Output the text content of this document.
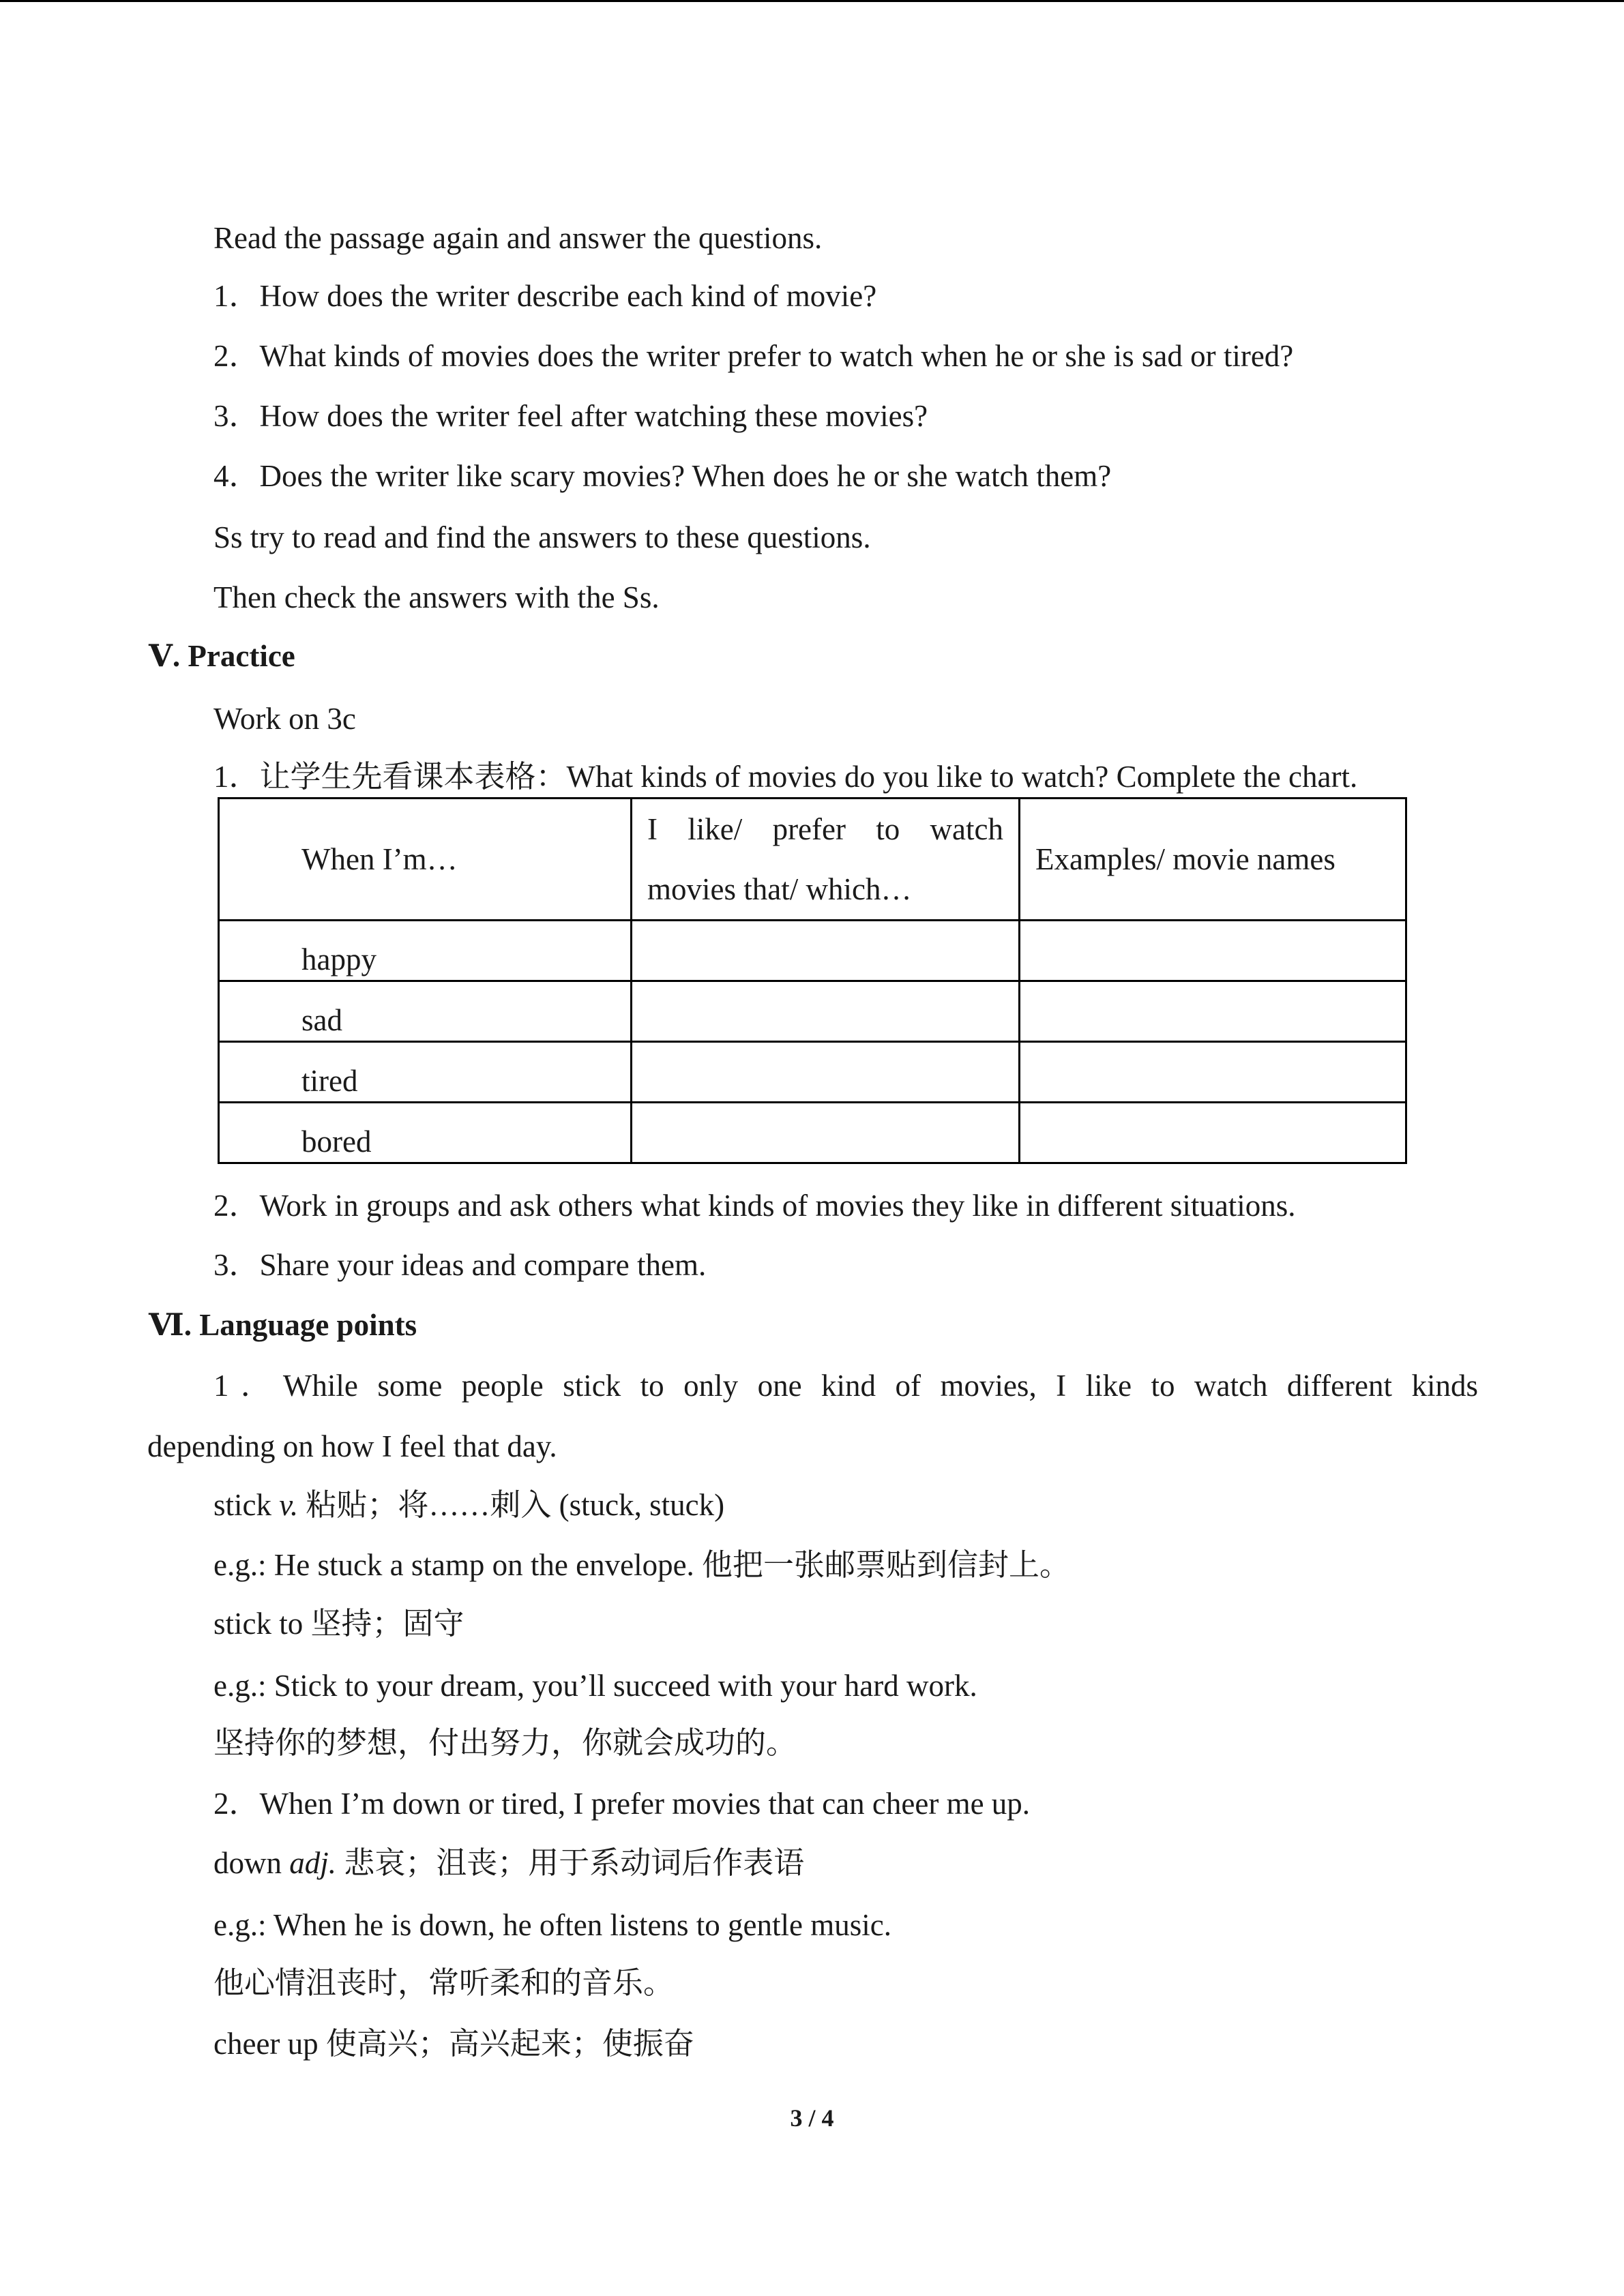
Read the passage again and answer the questions.
1．How does the writer describe each kind of movie?
2．What kinds of movies does the writer prefer to watch when he or she is sad or tired?
3．How does the writer feel after watching these movies?
4．Does the writer like scary movies? When does he or she watch them?
Ss try to read and find the answers to these questions.
Then check the answers with the Ss.
Ⅴ. Practice
Work on 3c
1．让学生先看课本表格：What kinds of movies do you like to watch? Complete the chart.
When I’m…	I like/ prefer to watch movies that/ which…	Examples/ movie names
happy		
sad		
tired		
bored		
2．Work in groups and ask others what kinds of movies they like in different situations.
3．Share your ideas and compare them.
Ⅵ. Language points
1．While some people stick to only one kind of movies, I like to watch different kinds
depending on how I feel that day.
stick v. 粘贴；将……刺入 (stuck, stuck)
e.g.: He stuck a stamp on the envelope. 他把一张邮票贴到信封上。
stick to 坚持；固守
e.g.: Stick to your dream, you’ll succeed with your hard work.
坚持你的梦想，付出努力，你就会成功的。
2．When I’m down or tired, I prefer movies that can cheer me up.
down adj. 悲哀；沮丧；用于系动词后作表语
e.g.: When he is down, he often listens to gentle music.
他心情沮丧时，常听柔和的音乐。
cheer up 使高兴；高兴起来；使振奋
3 / 4
